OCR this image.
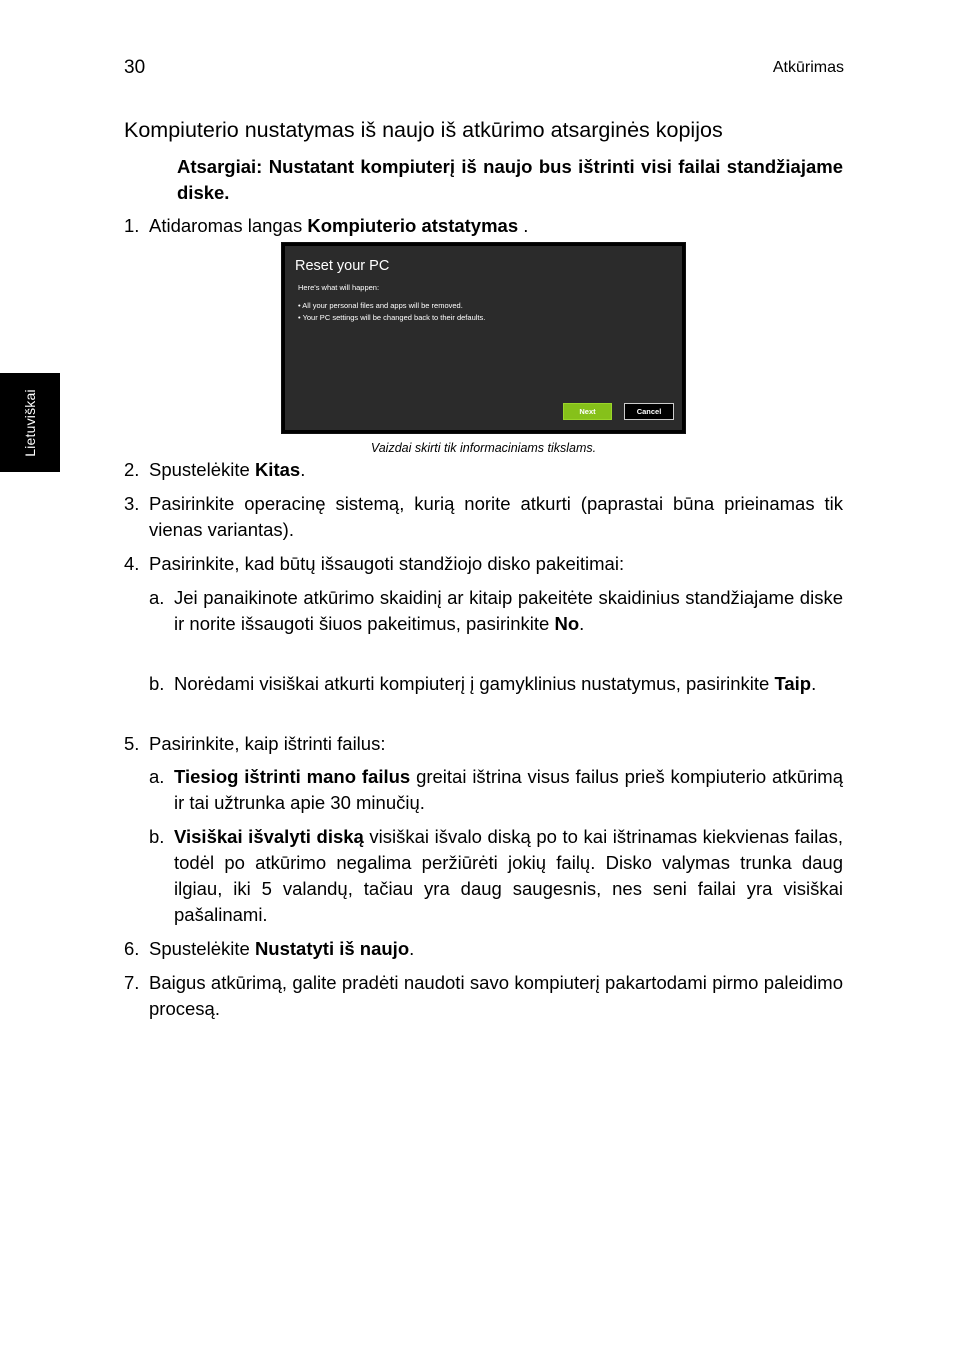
30	Atkūrimas
Lietuviškai
Kompiuterio nustatymas iš naujo iš atkūrimo atsarginės kopijos
Atsargiai: Nustatant kompiuterį iš naujo bus ištrinti visi failai standžiajame diske.
1. Atidaromas langas Kompiuterio atstatymas .
Reset your PC
Here's what will happen:
• All your personal files and apps will be removed.
• Your PC settings will be changed back to their defaults.
Next	Cancel
Vaizdai skirti tik informaciniams tikslams.
2. Spustelėkite Kitas.
3. Pasirinkite operacinę sistemą, kurią norite atkurti (paprastai būna prieinamas tik vienas variantas).
4. Pasirinkite, kad būtų išsaugoti standžiojo disko pakeitimai:
a. Jei panaikinote atkūrimo skaidinį ar kitaip pakeitėte skaidinius standžiajame diske ir norite išsaugoti šiuos pakeitimus, pasirinkite No.
b. Norėdami visiškai atkurti kompiuterį į gamyklinius nustatymus, pasirinkite Taip.
5. Pasirinkite, kaip ištrinti failus:
a. Tiesiog ištrinti mano failus greitai ištrina visus failus prieš kompiuterio atkūrimą ir tai užtrunka apie 30 minučių.
b. Visiškai išvalyti diską visiškai išvalo diską po to kai ištrinamas kiekvienas failas, todėl po atkūrimo negalima peržiūrėti jokių failų. Disko valymas trunka daug ilgiau, iki 5 valandų, tačiau yra daug saugesnis, nes seni failai yra visiškai pašalinami.
6. Spustelėkite Nustatyti iš naujo.
7. Baigus atkūrimą, galite pradėti naudoti savo kompiuterį pakartodami pirmo paleidimo procesą.
